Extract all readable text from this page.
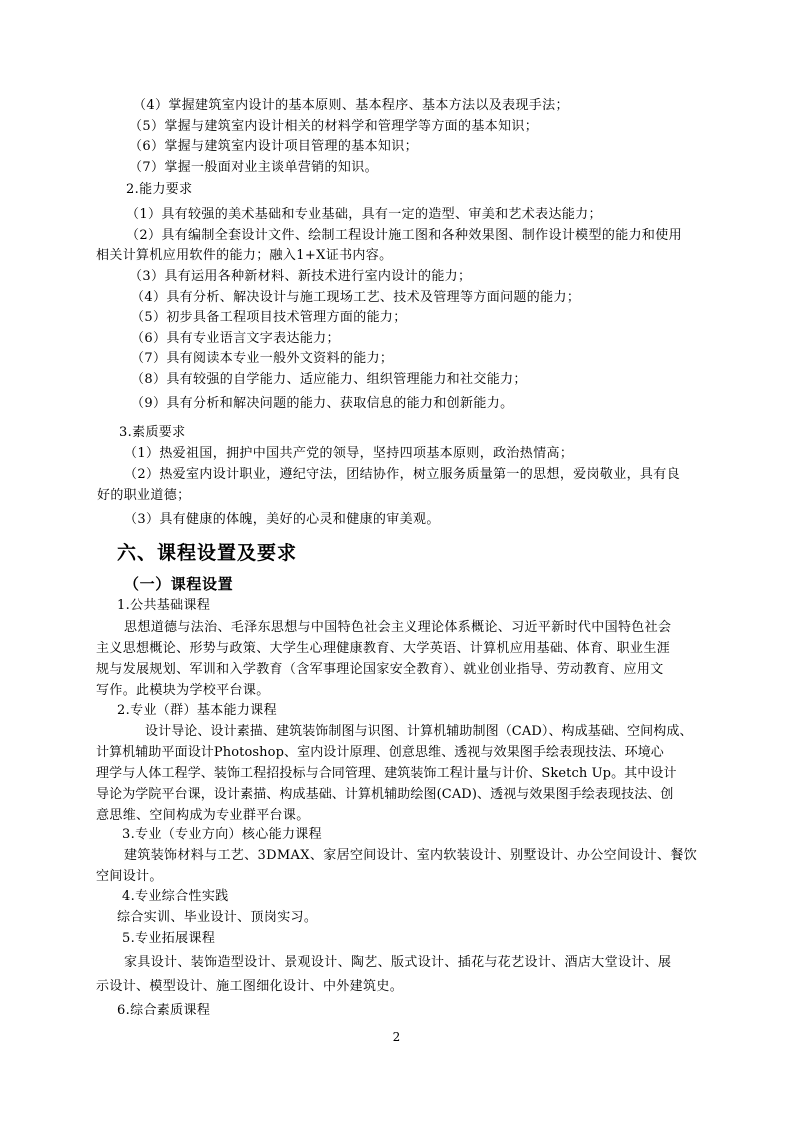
（4）掌握建筑室内设计的基本原则、基本程序、基本方法以及表现手法；
（5）掌握与建筑室内设计相关的材料学和管理学等方面的基本知识；
（6）掌握与建筑室内设计项目管理的基本知识；
（7）掌握一般面对业主谈单营销的知识。
2.能力要求
（1）具有较强的美术基础和专业基础，具有一定的造型、审美和艺术表达能力；
（2）具有编制全套设计文件、绘制工程设计施工图和各种效果图、制作设计模型的能力和使用
相关计算机应用软件的能力；融入1+X证书内容。
（3）具有运用各种新材料、新技术进行室内设计的能力；
（4）具有分析、解决设计与施工现场工艺、技术及管理等方面问题的能力；
（5）初步具备工程项目技术管理方面的能力；
（6）具有专业语言文字表达能力；
（7）具有阅读本专业一般外文资料的能力；
（8）具有较强的自学能力、适应能力、组织管理能力和社交能力；
（9）具有分析和解决问题的能力、获取信息的能力和创新能力。
3.素质要求
（1）热爱祖国，拥护中国共产党的领导，坚持四项基本原则，政治热情高；
（2）热爱室内设计职业，遵纪守法，团结协作，树立服务质量第一的思想，爱岗敬业，具有良
好的职业道德；
（3）具有健康的体魄，美好的心灵和健康的审美观。
六、课程设置及要求
（一）课程设置
1.公共基础课程
思想道德与法治、毛泽东思想与中国特色社会主义理论体系概论、习近平新时代中国特色社会
主义思想概论、形势与政策、大学生心理健康教育、大学英语、计算机应用基础、体育、职业生涯
规与发展规划、军训和入学教育（含军事理论国家安全教育）、就业创业指导、劳动教育、应用文
写作。此模块为学校平台课。
2.专业（群）基本能力课程
设计导论、设计素描、建筑装饰制图与识图、计算机辅助制图（CAD）、构成基础、空间构成、
计算机辅助平面设计Photoshop、室内设计原理、创意思维、透视与效果图手绘表现技法、环境心
理学与人体工程学、装饰工程招投标与合同管理、建筑装饰工程计量与计价、Sketch Up。其中设计
导论为学院平台课，设计素描、构成基础、计算机辅助绘图(CAD)、透视与效果图手绘表现技法、创
意思维、空间构成为专业群平台课。
3.专业（专业方向）核心能力课程
建筑装饰材料与工艺、3DMAX、家居空间设计、室内软装设计、别墅设计、办公空间设计、餐饮
空间设计。
4.专业综合性实践
综合实训、毕业设计、顶岗实习。
5.专业拓展课程
家具设计、装饰造型设计、景观设计、陶艺、版式设计、插花与花艺设计、酒店大堂设计、展
示设计、模型设计、施工图细化设计、中外建筑史。
6.综合素质课程
2
